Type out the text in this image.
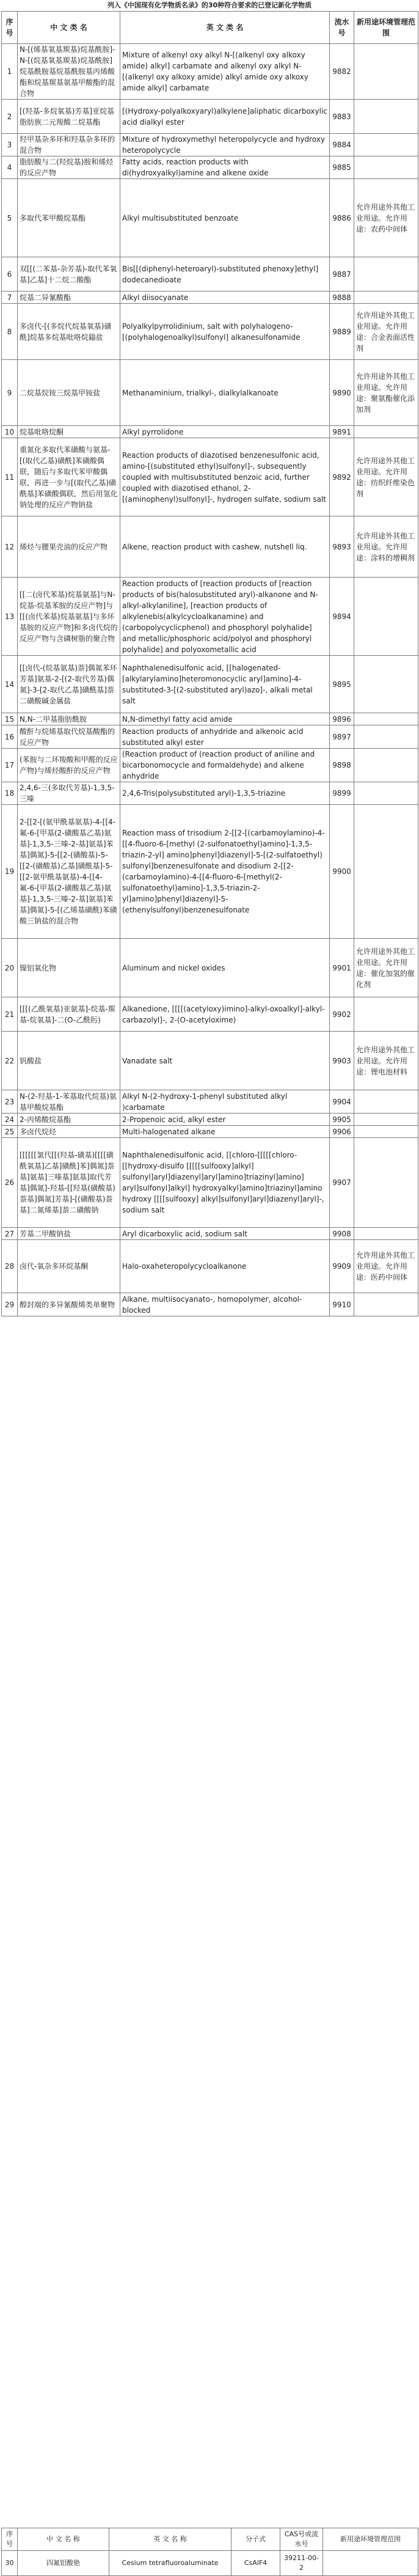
列入《中国现有化学物质名录》的30种符合要求的已登记新化学物质
序号	中 文 类 名	英 文 类 名	流水号	新用途环境管理范围
1	N-[(烯基氧基羰基)烷基酰胺]-N-[(烷基氧基羰基)烷基酰胺]烷基酰胺基烷基酰胺基丙烯酸酯和烷基羰基氨基甲酸酯的混合物	Mixture of alkenyl oxy alkyl N-[(alkenyl oxy alkoxy amide) alkyl] carbamate and alkenyl oxy alkyl N-[(alkenyl oxy alkoxy amide) alkyl amide oxy alkoxy amide alkyl] carbamate	9882	
2	[(羟基-多烷氧基)芳基]亚烷基脂肪族二元羧酸二烷基酯	[(Hydroxy-polyalkoxyaryl)alkylene]aliphatic dicarboxylic acid dialkyl ester	9883	
3	羟甲基杂多环和羟基杂多环的混合物	Mixture of hydroxymethyl heteropolycycle and hydroxy heteropolycycle	9884	
4	脂肪酸与二(羟烷基)胺和烯烃的反应产物	Fatty acids, reaction products with di(hydroxyalkyl)amine and alkene oxide	9885	
5	多取代苯甲酸烷基酯	Alkyl multisubstituted benzoate	9886	允许用途外其他工业用途。允许用途：农药中间体
6	双[[(二苯基-杂芳基)-取代苯氧基]乙基]十二烷二酸酯	Bis[[(diphenyl-heteroaryl)-substituted phenoxy]ethyl] dodecanedioate	9887	
7	烷基二异氰酸酯	Alkyl diisocyanate	9888	
8	多卤代-[(多烷代烷基氧基)磺酰]烷基多烷基吡咯烷鎓盐	Polyalkylpyrrolidinium, salt with polyhalogeno-[(polyhalogenoalkyl)sulfonyl] alkanesulfonamide	9889	允许用途外其他工业用途。允许用途：合金表面活性剂
9	二烷基烷铵三烷基甲铵盐	Methanaminium, trialkyl-, dialkylalkanoate	9890	允许用途外其他工业用途。允许用途：聚氨酯催化添加剂
10	烷基吡咯烷酮	Alkyl pyrrolidone	9891	
11	重氮化多取代苯磺酸与氨基-[(取代乙基)磺酰]苯磺酸偶联，随后与多取代苯甲酸偶联，再进一步与[(取代乙基)磺酰基]苯磺酸偶联，然后用氢化钠处理的反应产物钠盐	Reaction products of diazotised benzenesulfonic acid, amino-[(substituted ethyl)sulfonyl]-, subsequently coupled with multisubstituted benzoic acid, further coupled with diazotised ethanol, 2-[(aminophenyl)sulfonyl]-, hydrogen sulfate, sodium salt	9892	允许用途外其他工业用途。允许用途：纺织纤维染色剂
12	烯烃与腰果壳油的反应产物	Alkene, reaction product with cashew, nutshell liq.	9893	允许用途外其他工业用途。允许用途：涂料的增稠剂
13	[[二(卤代苯基)烷基氨基]与N-烷基-烷基苯胺的反应产物]与[[(卤代苯基)烷基氨基]与多环基胺的反应产物]和多卤代烷的反应产物与含磷树脂的聚合物	Reaction products of [reaction products of [reaction products of bis(halosubstituted aryl)-alkanone and N-alkyl-alkylaniline], [reaction products of alkylenebis(alkylcycloalkanamine) and (carbopolycyclicphenol) and phosphoryl polyhalide] and metallic/phosphoric acid/polyol and phosphoryl polyhalide] and polyoxometallic acid	9894	
14	[[卤代-(烷基氨基)萘]偶氮苯环芳基]氨基-2-[(2-取代芳基)偶氮]-3-[2-取代乙基]磺酰基]萘二磺酸碱金属盐	Naphthalenedisulfonic acid, [[halogenated-[alkylarylamino]heteromonocyclic aryl]amino]-4-substituted-3-[(2-substituted aryl)azo]-, alkali metal salt	9895	
15	N,N-二甲基脂肪酰胺	N,N-dimethyl fatty acid amide	9896	
16	酸酐与烷烯基取代烷基酸酯的反应产物	Reaction products of anhydride and alkenoic acid substituted alkyl ester	9897	
17	(苯胺与二环羧酸和甲醛的反应产物)与烯烃酸酐的反应产物	(Reaction product of (reaction product of aniline and bicarbonomocycle and formaldehyde) and alkene anhydride	9898	
18	2,4,6-三(多取代芳基)-1,3,5-三嗪	2,4,6-Tris(polysubstituted aryl)-1,3,5-triazine	9899	
19	2-[[2-[(氨甲酰基氨基)-4-[[4-氟-6-[甲基(2-磺酸基乙基)氨基]-1,3,5-三嗪-2-基]氨基]苯基]偶氮]-5-[[2-(磺酸基)-5-[[2-(磺酸基)乙基]磺酰基]-5-[[2-氨甲酰基氨基)-4-[[4-氟-6-[甲基(2-磺酸基乙基)氨基]-1,3,5-三嗪-2-基]氨基]苯基]偶氮]-5-[(乙烯基磺酰)苯磺酸三钠盐的混合物	Reaction mass of trisodium 2-[[2-[(carbamoylamino)-4-[[4-fluoro-6-[methyl (2-sulfonatoethyl)amino]-1,3,5-triazin-2-yl] amino]phenyl]diazenyl]-5-[(2-sulfatoethyl) sulfonyl]benzenesulfonate and disodium 2-[[2-(carbamoylamino)-4-[[4-fluoro-6-[methyl(2-sulfonatoethyl)amino]-1,3,5-triazin-2-yl]amino]phenyl]diazenyl]-5-(ethenylsulfonyl)benzenesulfonate	9900	
20	镍铝氧化物	Aluminum and nickel oxides	9901	允许用途外其他工业用途。允许用途：催化加氢的催化剂
21	[[[(乙酰氧基)亚氨基]-烷基-羰基-烷氧基]-二(O-乙酰肟)	Alkanedione, [[[[(acetyloxy)imino]-alkyl-oxoalkyl]-alkyl-carbazolyl]-, 2-(O-acetyloxime)	9902	
22	钒酸盐	Vanadate salt	9903	允许用途外其他工业用途。允许用途：锂电池材料
23	N-(2-羟基-1-苯基取代烷基)氨基甲酸烷基酯	Alkyl N-(2-hydroxy-1-phenyl substituted alkyl )carbamate	9904	
24	2-丙烯酸烷基酯	2-Propenoic acid, alkyl ester	9905	
25	多卤代烷烃	Multi-halogenated alkane	9906	
26	[[[[[[氯代[[(羟基-磺基)[[[[磺酰氧基]乙基]磺酰]苯]偶氮]萘基]氨基]三嗪基]氨基]取代芳基]偶氮]-羟基-[[羟基(磺酸基)萘基]偶氮]芳基]-[(磺酸基)萘基]二氮烯基]萘二磺酸钠	Naphthalenedisulfonic acid, [[chloro-[[[[[chloro-[[hydroxy-disulfo [[[[[sulfooxy]alkyl] sulfonyl]aryl]diazenyl]aryl]amino]triazinyl]amino] aryl]sulfonyl]alkyl] hydroxyalkyl]amino]triazinyl]amino hydroxy [[[[sulfooxy] alkyl]sulfonyl]aryl]diazenyl]aryl]-, sodium salt	9907	
27	芳基二甲酸钠盐	Aryl dicarboxylic acid, sodium salt	9908	
28	卤代-氧杂多环烷基酮	Halo-oxaheteropolycycloalkanone	9909	允许用途外其他工业用途。允许用途：医药中间体
29	醇封端的多异氰酸烯类单聚物	Alkane, multiisocyanato-, homopolymer, alcohol-blocked	9910	
序号	中 文 名 称	英 文 名 称	分子式	CAS号或流水号	新用途环境管理范围
30	四氟铝酸铯	Cesium tetrafluoroaluminate	CsAlF4	39211-00-2	
